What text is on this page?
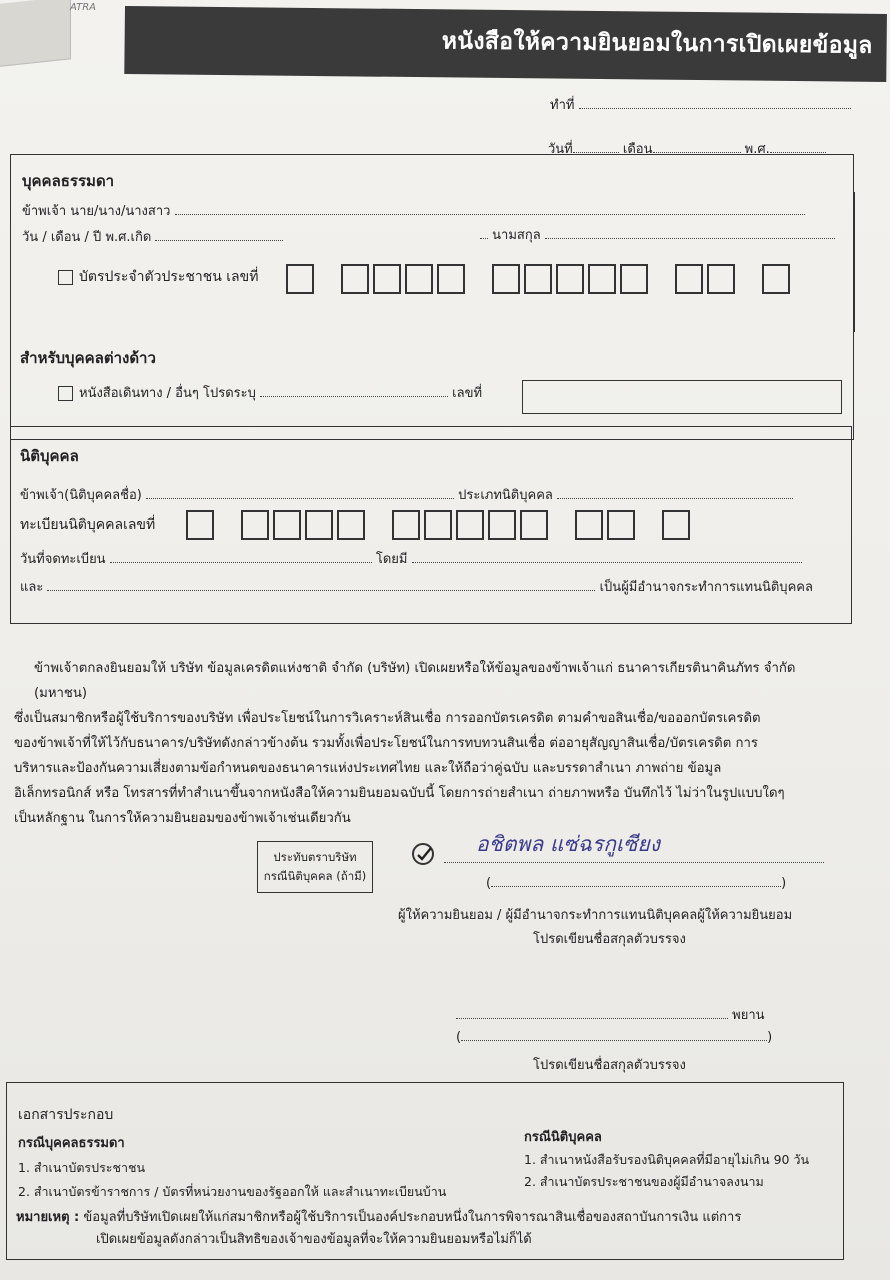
ATRA
หนังสือให้ความยินยอมในการเปิดเผยข้อมูล
ทำที่
วันที่	เดือน	พ.ศ.
บุคคลธรรมดา
ข้าพเจ้า นาย/นาง/นางสาว
วัน / เดือน / ปี พ.ศ.เกิด	นามสกุล
บัตรประจำตัวประชาชน เลขที่

สำหรับบุคคลต่างด้าว
หนังสือเดินทาง / อื่นๆ โปรดระบุ	เลขที่
นิติบุคคล
ข้าพเจ้า(นิติบุคคลชื่อ)	ประเภทนิติบุคคล
ทะเบียนนิติบุคคลเลขที่

วันที่จดทะเบียน	โดยมี
และ	เป็นผู้มีอำนาจกระทำการแทนนิติบุคคล
ข้าพเจ้าตกลงยินยอมให้ บริษัท ข้อมูลเครดิตแห่งชาติ จำกัด (บริษัท) เปิดเผยหรือให้ข้อมูลของข้าพเจ้าแก่ ธนาคารเกียรตินาคินภัทร จำกัด (มหาชน)
ซึ่งเป็นสมาชิกหรือผู้ใช้บริการของบริษัท เพื่อประโยชน์ในการวิเคราะห์สินเชื่อ การออกบัตรเครดิต ตามคำขอสินเชื่อ/ขอออกบัตรเครดิต
ของข้าพเจ้าที่ให้ไว้กับธนาคาร/บริษัทดังกล่าวข้างต้น รวมทั้งเพื่อประโยชน์ในการทบทวนสินเชื่อ ต่ออายุสัญญาสินเชื่อ/บัตรเครดิต การ
บริหารและป้องกันความเสี่ยงตามข้อกำหนดของธนาคารแห่งประเทศไทย และให้ถือว่าคู่ฉบับ และบรรดาสำเนา ภาพถ่าย ข้อมูล
อิเล็กทรอนิกส์ หรือ โทรสารที่ทำสำเนาขึ้นจากหนังสือให้ความยินยอมฉบับนี้ โดยการถ่ายสำเนา ถ่ายภาพหรือ บันทึกไว้ ไม่ว่าในรูปแบบใดๆ
เป็นหลักฐาน ในการให้ความยินยอมของข้าพเจ้าเช่นเดียวกัน
ประทับตราบริษัท
กรณีนิติบุคคล (ถ้ามี)
อชิตพล แซ่ฉรกูเซียง
(	)
ผู้ให้ความยินยอม / ผู้มีอำนาจกระทำการแทนนิติบุคคลผู้ให้ความยินยอม
โปรดเขียนชื่อสกุลตัวบรรจง
พยาน
(	)
โปรดเขียนชื่อสกุลตัวบรรจง
เอกสารประกอบ
กรณีบุคคลธรรมดา
1. สำเนาบัตรประชาชน
2. สำเนาบัตรข้าราชการ / บัตรที่หน่วยงานของรัฐออกให้ และสำเนาทะเบียนบ้าน
กรณีนิติบุคคล
1. สำเนาหนังสือรับรองนิติบุคคลที่มีอายุไม่เกิน 90 วัน
2. สำเนาบัตรประชาชนของผู้มีอำนาจลงนาม
หมายเหตุ : ข้อมูลที่บริษัทเปิดเผยให้แก่สมาชิกหรือผู้ใช้บริการเป็นองค์ประกอบหนึ่งในการพิจารณาสินเชื่อของสถาบันการเงิน แต่การ
เปิดเผยข้อมูลดังกล่าวเป็นสิทธิของเจ้าของข้อมูลที่จะให้ความยินยอมหรือไม่ก็ได้
